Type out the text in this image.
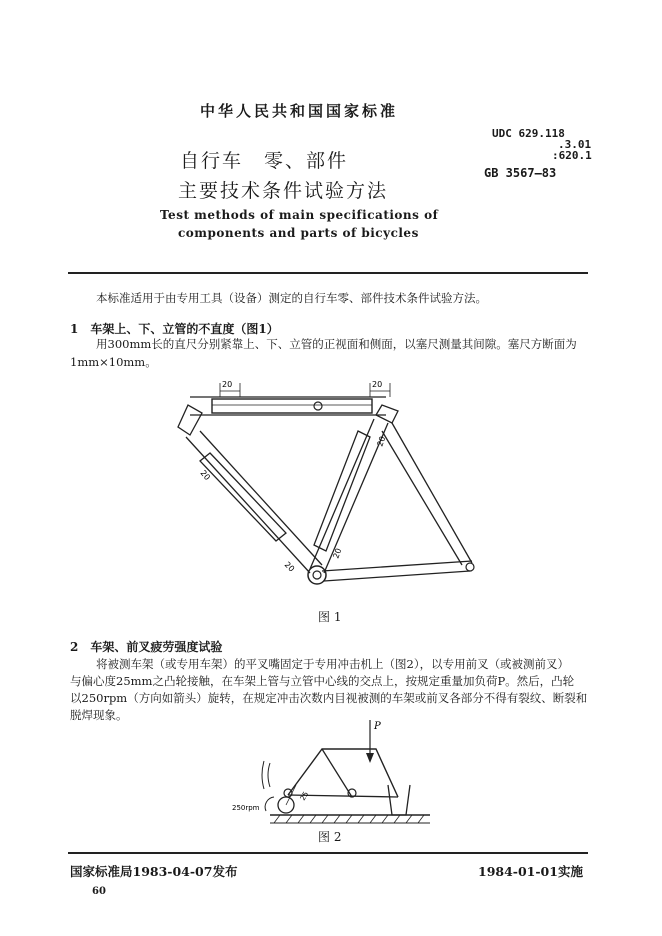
中华人民共和国国家标准
UDC 629.118
.3.01
:620.1
GB 3567—83
自行车　零、部件
主要技术条件试验方法
Test methods of main specifications of
components and parts of bicycles
本标准适用于由专用工具（设备）测定的自行车零、部件技术条件试验方法。
1　车架上、下、立管的不直度（图1）
用300mm长的直尺分别紧靠上、下、立管的正视面和侧面，以塞尺测量其间隙。塞尺方断面为
1mm×10mm。
20	20
20
20
20
20
图 1
2　车架、前叉疲劳强度试验
将被测车架（或专用车架）的平叉嘴固定于专用冲击机上（图2），以专用前叉（或被测前叉）
与偏心度25mm之凸轮接触，在车架上管与立管中心线的交点上，按规定重量加负荷P。然后，凸轮
以250rpm（方向如箭头）旋转，在规定冲击次数内目视被测的车架或前叉各部分不得有裂纹、断裂和
脱焊现象。
P
25
250rpm
图 2
国家标准局1983-04-07发布	1984-01-01实施
60
